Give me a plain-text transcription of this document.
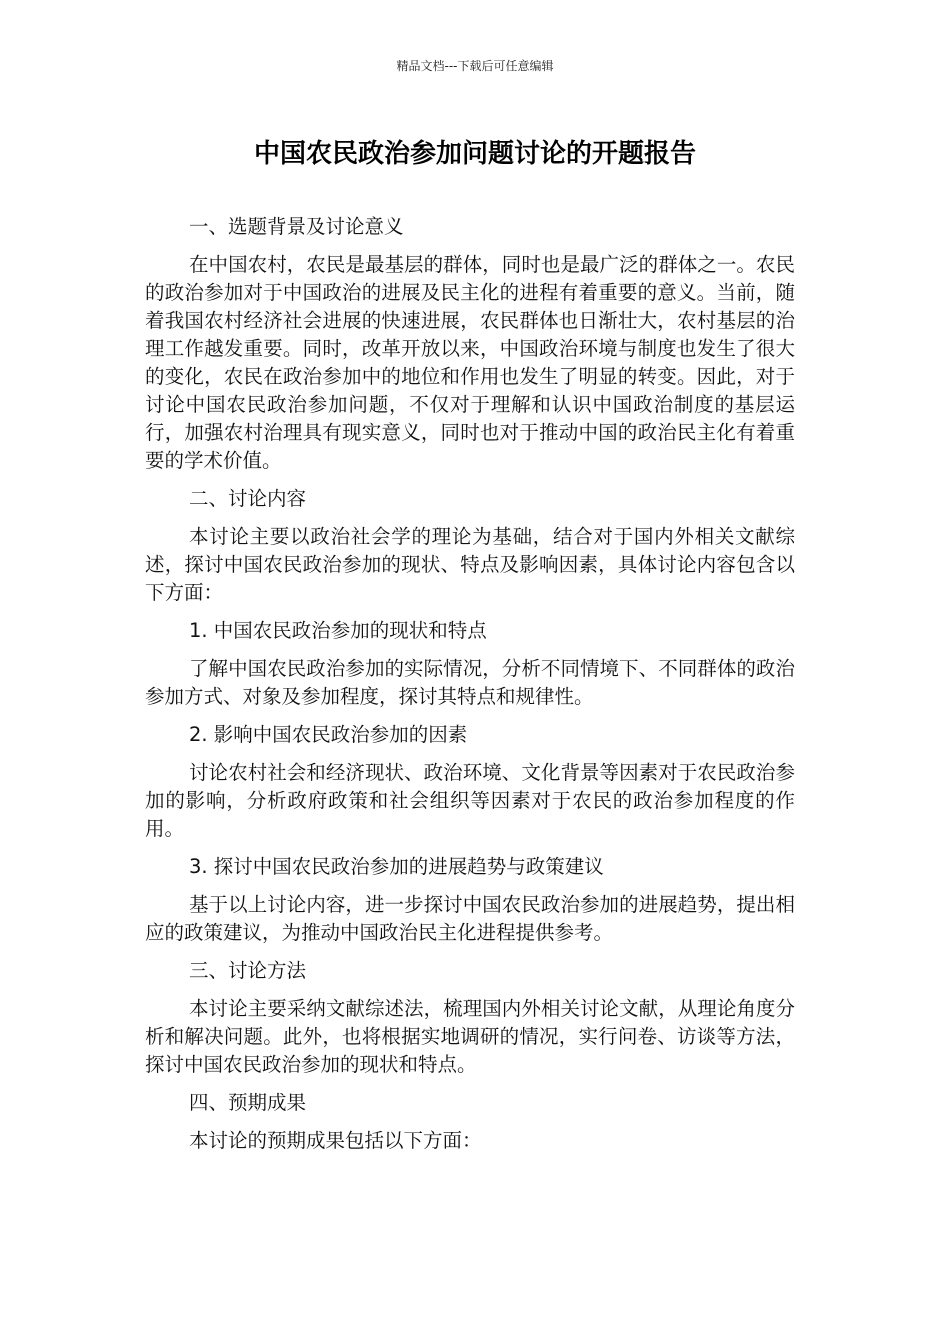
精品文档---下载后可任意编辑
中国农民政治参加问题讨论的开题报告

一、选题背景及讨论意义

在中国农村，农民是最基层的群体，同时也是最广泛的群体之一。农民的政治参加对于中国政治的进展及民主化的进程有着重要的意义。当前，随着我国农村经济社会进展的快速进展，农民群体也日渐壮大，农村基层的治理工作越发重要。同时，改革开放以来，中国政治环境与制度也发生了很大的变化，农民在政治参加中的地位和作用也发生了明显的转变。因此，对于讨论中国农民政治参加问题，不仅对于理解和认识中国政治制度的基层运行，加强农村治理具有现实意义，同时也对于推动中国的政治民主化有着重要的学术价值。

二、讨论内容

本讨论主要以政治社会学的理论为基础，结合对于国内外相关文献综述，探讨中国农民政治参加的现状、特点及影响因素，具体讨论内容包含以下方面：

1. 中国农民政治参加的现状和特点

了解中国农民政治参加的实际情况，分析不同情境下、不同群体的政治参加方式、对象及参加程度，探讨其特点和规律性。

2. 影响中国农民政治参加的因素

讨论农村社会和经济现状、政治环境、文化背景等因素对于农民政治参加的影响，分析政府政策和社会组织等因素对于农民的政治参加程度的作用。

3. 探讨中国农民政治参加的进展趋势与政策建议

基于以上讨论内容，进一步探讨中国农民政治参加的进展趋势，提出相应的政策建议，为推动中国政治民主化进程提供参考。

三、讨论方法

本讨论主要采纳文献综述法，梳理国内外相关讨论文献，从理论角度分析和解决问题。此外，也将根据实地调研的情况，实行问卷、访谈等方法，探讨中国农民政治参加的现状和特点。

四、预期成果

本讨论的预期成果包括以下方面：
